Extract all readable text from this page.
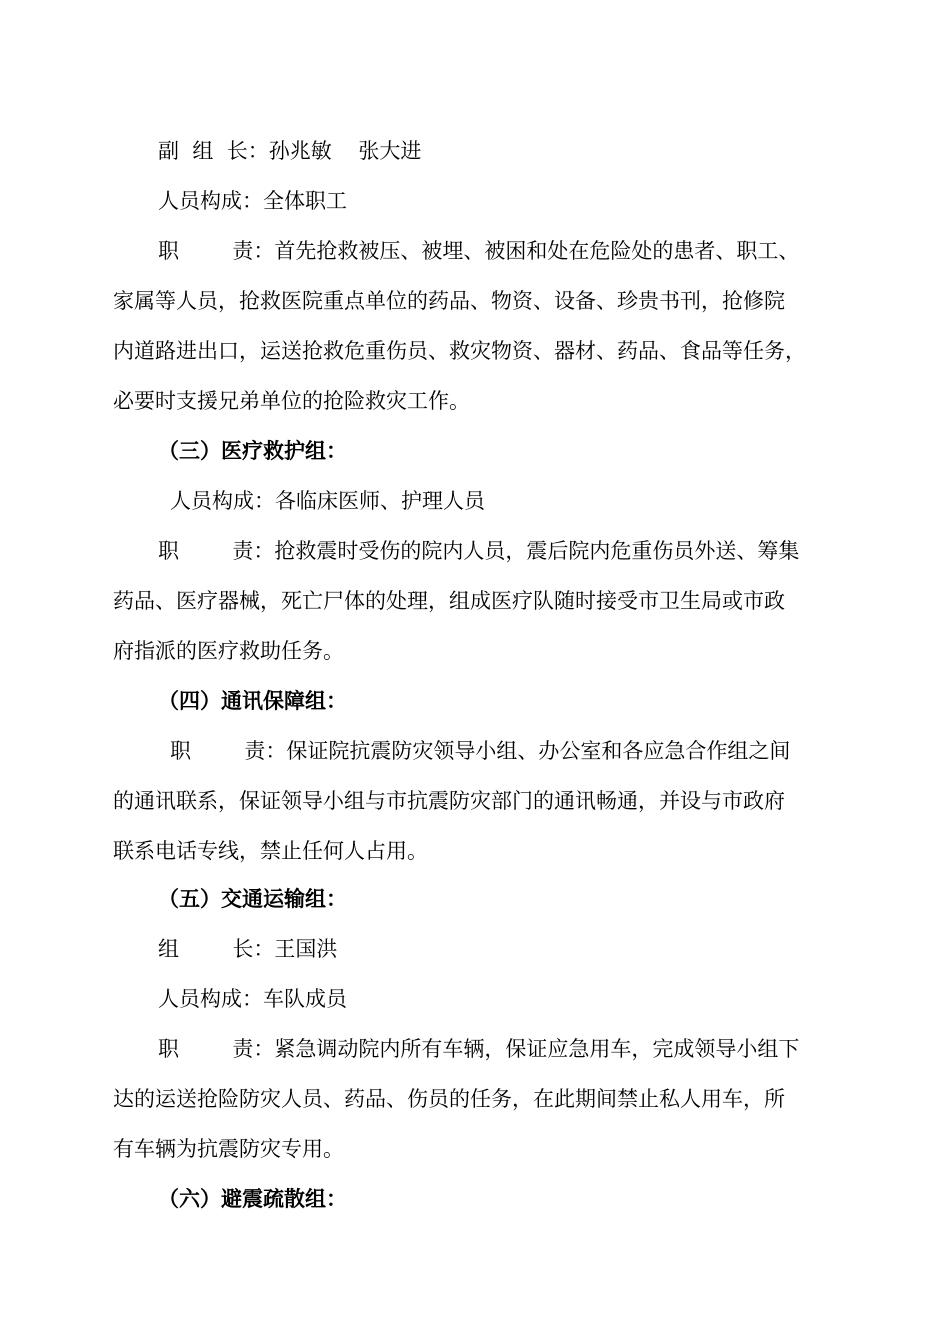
副  组  长：孙兆敏    张大进
人员构成：全体职工
职        责：首先抢救被压、被埋、被困和处在危险处的患者、职工、
家属等人员，抢救医院重点单位的药品、物资、设备、珍贵书刊，抢修院
内道路进出口，运送抢救危重伤员、救灾物资、器材、药品、食品等任务，
必要时支援兄弟单位的抢险救灾工作。
（三）医疗救护组：
人员构成：各临床医师、护理人员
职        责：抢救震时受伤的院内人员，震后院内危重伤员外送、筹集
药品、医疗器械，死亡尸体的处理，组成医疗队随时接受市卫生局或市政
府指派的医疗救助任务。
（四）通讯保障组：
职        责：保证院抗震防灾领导小组、办公室和各应急合作组之间
的通讯联系，保证领导小组与市抗震防灾部门的通讯畅通，并设与市政府
联系电话专线，禁止任何人占用。
（五）交通运输组：
组        长：王国洪
人员构成：车队成员
职        责：紧急调动院内所有车辆，保证应急用车，完成领导小组下
达的运送抢险防灾人员、药品、伤员的任务，在此期间禁止私人用车，所
有车辆为抗震防灾专用。
（六）避震疏散组：
